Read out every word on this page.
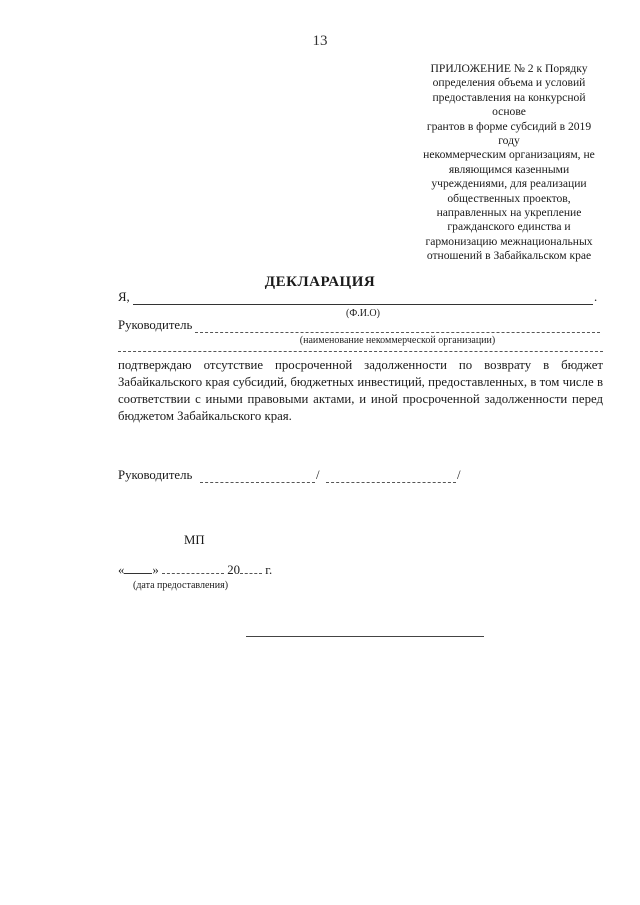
13
ПРИЛОЖЕНИЕ № 2 к Порядку
определения объема и условий
предоставления на конкурсной основе
грантов в форме субсидий в 2019 году
некоммерческим организациям, не
являющимся казенными
учреждениями, для реализации
общественных проектов,
направленных на укрепление
гражданского единства и
гармонизацию межнациональных
отношений в Забайкальском крае
ДЕКЛАРАЦИЯ
Я,	.
(Ф.И.О)
Руководитель
(наименование некоммерческой организации)
подтверждаю отсутствие просроченной задолженности по возврату в бюджет Забайкальского края субсидий, бюджетных инвестиций, предоставленных, в том числе в соответствии с иными правовыми актами, и иной просроченной задолженности перед бюджетом Забайкальского края.
Руководитель	/	/
МП
« »	20 г.
(дата предоставления)
